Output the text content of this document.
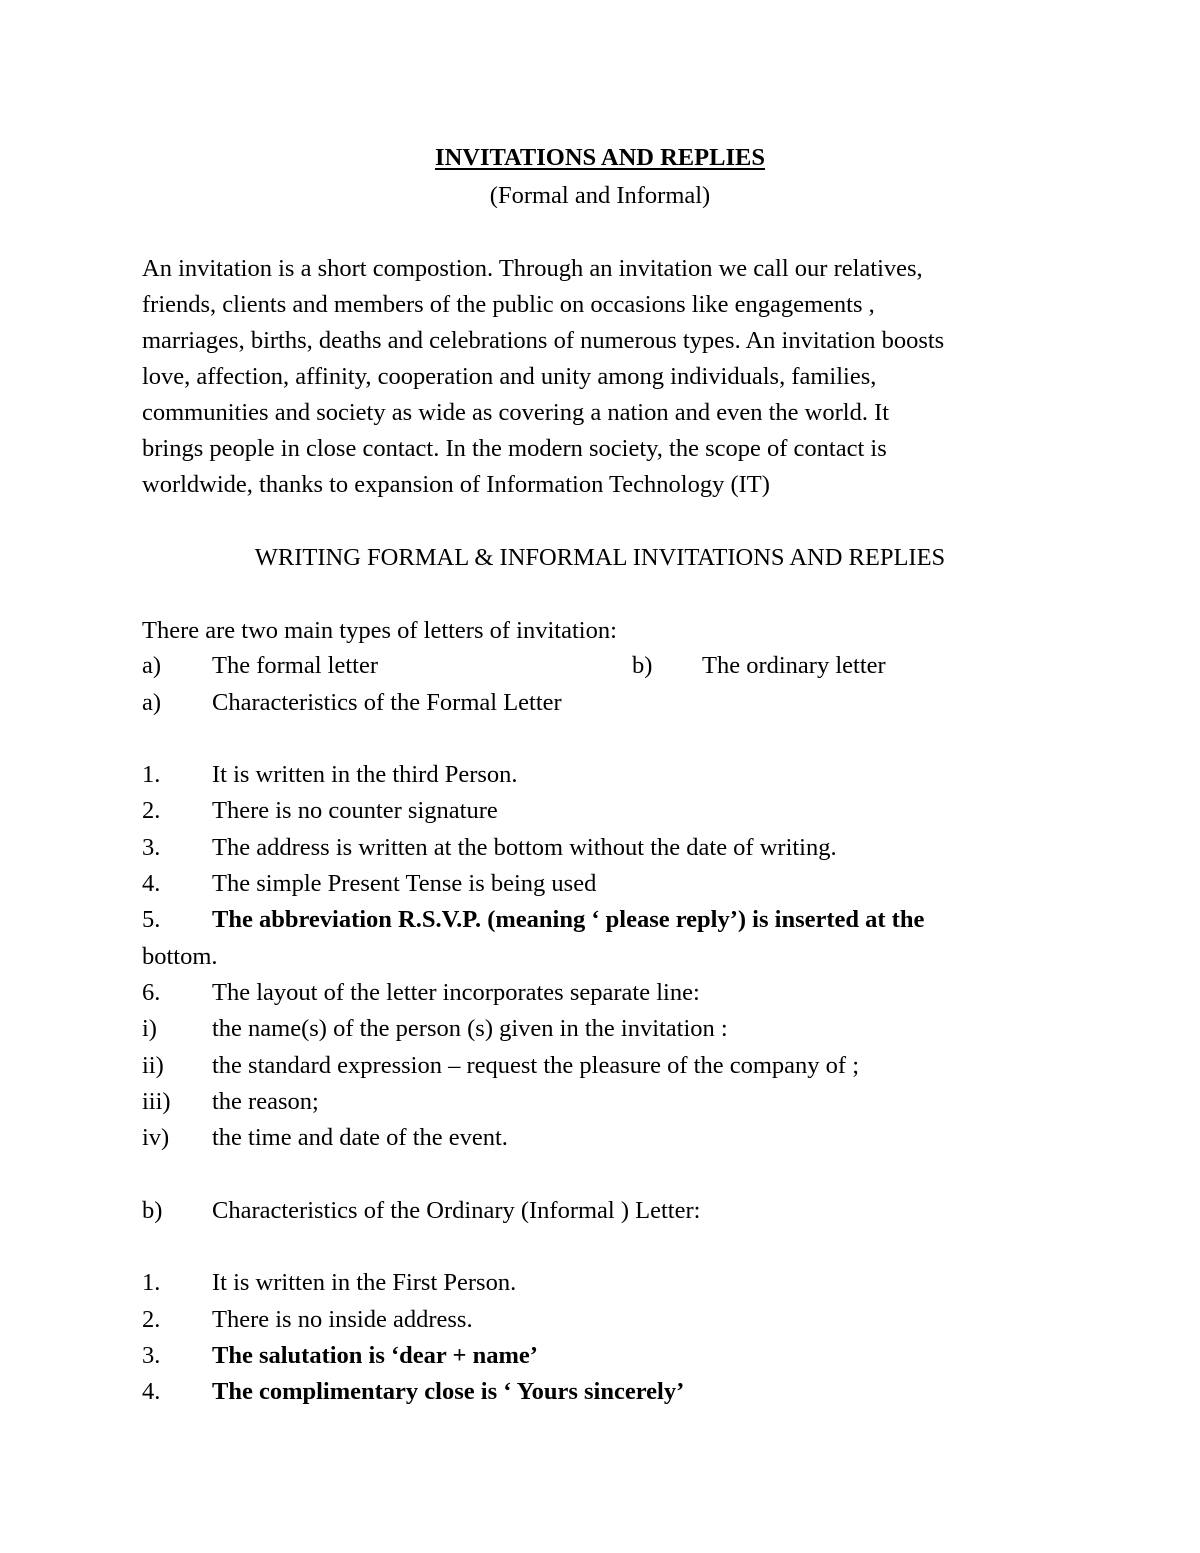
INVITATIONS AND REPLIES
(Formal and Informal)
An invitation is a short compostion. Through an invitation we call our relatives,
friends, clients and members of the public on occasions like engagements ,
marriages, births, deaths and celebrations of numerous types. An invitation boosts
love, affection, affinity, cooperation and unity among individuals, families,
communities and society as wide as covering a nation and even the world. It
brings people in close contact. In the modern society, the scope of contact is
worldwide, thanks to expansion of Information Technology (IT)
WRITING FORMAL & INFORMAL INVITATIONS AND REPLIES
There are two main types of letters of invitation:
a) The formal letter	b) The ordinary letter
a) Characteristics of the Formal Letter
1. It is written in the third Person.
2. There is no counter signature
3. The address is written at the bottom without the date of writing.
4. The simple Present Tense is being used
5. The abbreviation R.S.V.P. (meaning ‘ please reply’) is inserted at the
bottom.
6. The layout of the letter incorporates separate line:
i) the name(s) of the person (s) given in the invitation :
ii) the standard expression – request the pleasure of the company of ;
iii) the reason;
iv) the time and date of the event.
b) Characteristics of the Ordinary (Informal ) Letter:
1. It is written in the First Person.
2. There is no inside address.
3. The salutation is ‘dear + name’
4. The complimentary close is ‘ Yours sincerely’
